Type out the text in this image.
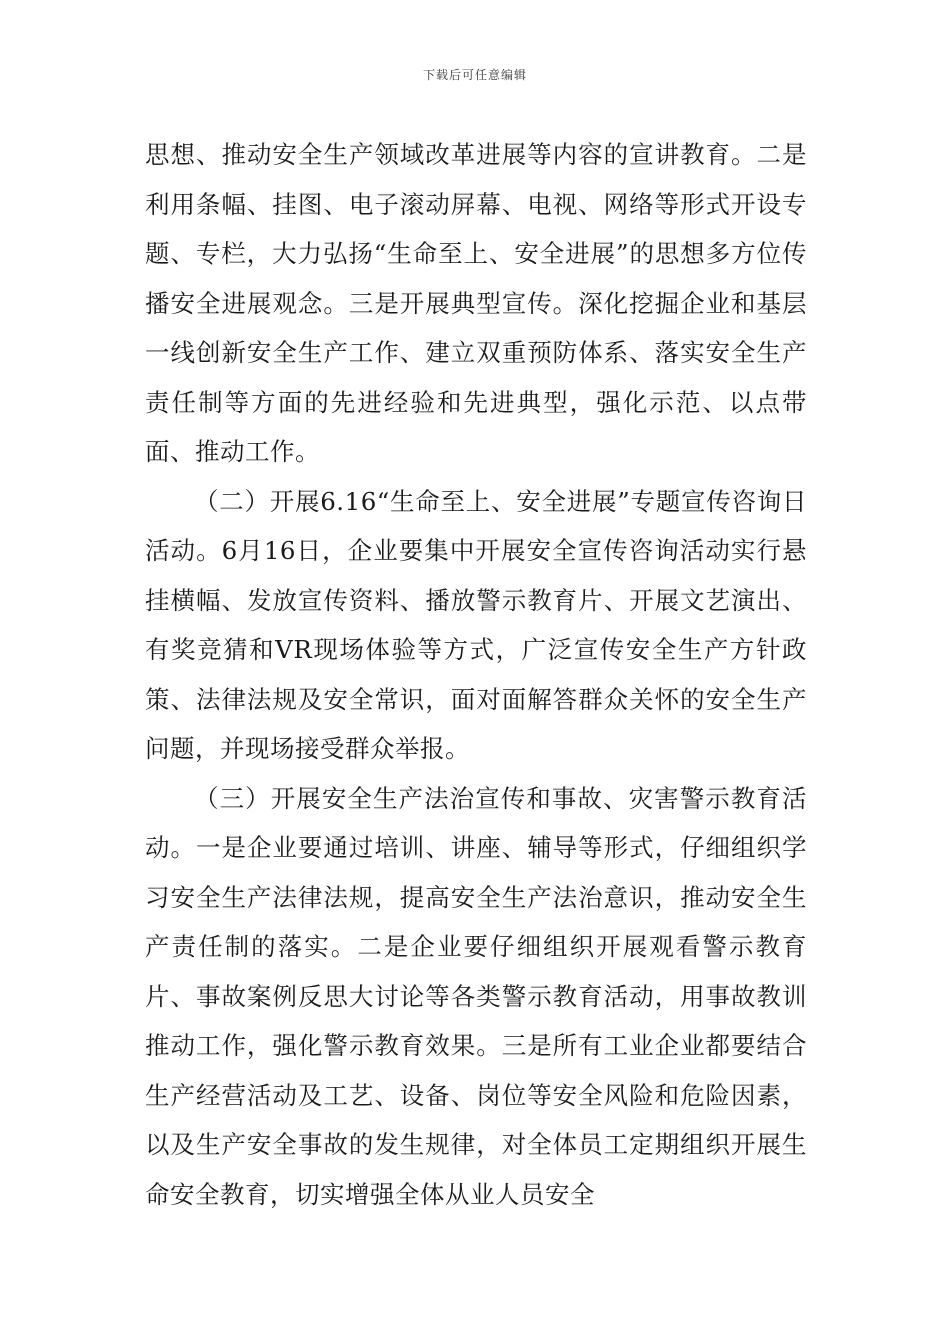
下载后可任意编辑

思想、推动安全生产领域改革进展等内容的宣讲教育。二是利用条幅、挂图、电子滚动屏幕、电视、网络等形式开设专题、专栏，大力弘扬“生命至上、安全进展”的思想多方位传播安全进展观念。三是开展典型宣传。深化挖掘企业和基层一线创新安全生产工作、建立双重预防体系、落实安全生产责任制等方面的先进经验和先进典型，强化示范、以点带面、推动工作。

（二）开展6.16“生命至上、安全进展”专题宣传咨询日活动。6月16日，企业要集中开展安全宣传咨询活动实行悬挂横幅、发放宣传资料、播放警示教育片、开展文艺演出、有奖竞猜和VR现场体验等方式，广泛宣传安全生产方针政策、法律法规及安全常识，面对面解答群众关怀的安全生产问题，并现场接受群众举报。

（三）开展安全生产法治宣传和事故、灾害警示教育活动。一是企业要通过培训、讲座、辅导等形式，仔细组织学习安全生产法律法规，提高安全生产法治意识，推动安全生产责任制的落实。二是企业要仔细组织开展观看警示教育片、事故案例反思大讨论等各类警示教育活动，用事故教训推动工作，强化警示教育效果。三是所有工业企业都要结合生产经营活动及工艺、设备、岗位等安全风险和危险因素，以及生产安全事故的发生规律，对全体员工定期组织开展生命安全教育，切实增强全体从业人员安全
